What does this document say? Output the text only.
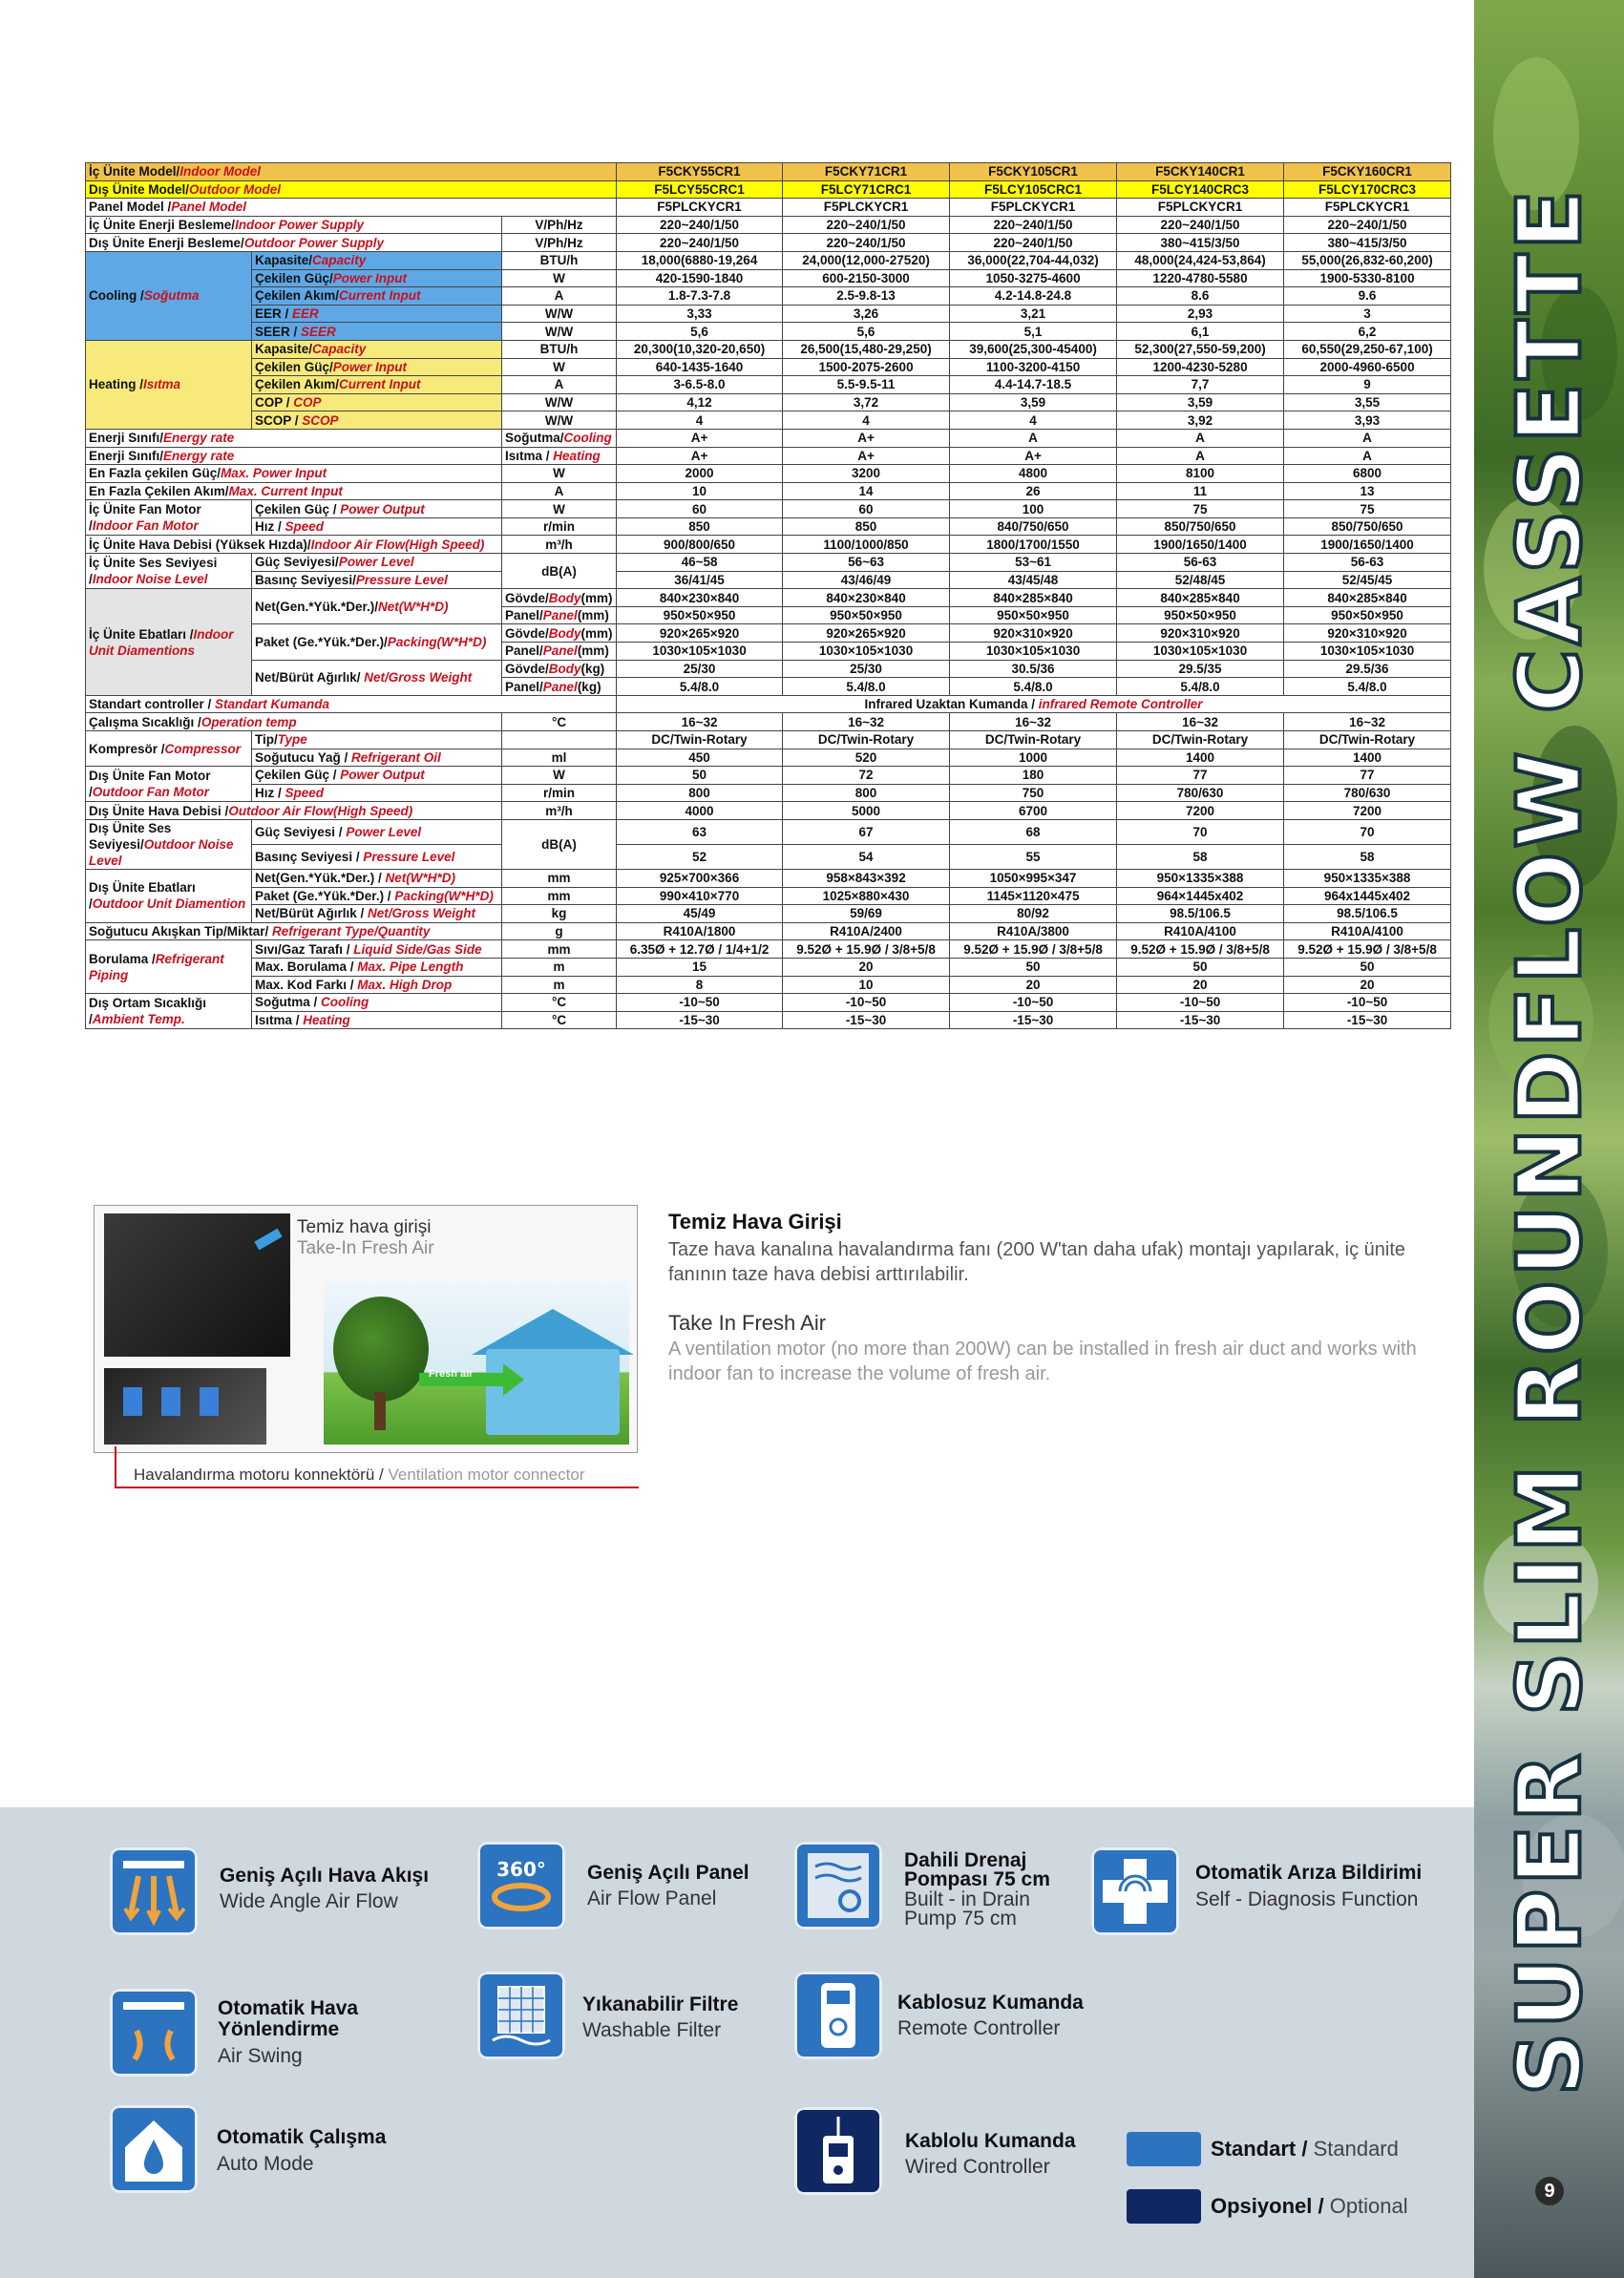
SUPER SLIM ROUNDFLOW CASSETTE
9
İç Ünite Model/Indoor Model			F5CKY55CR1	F5CKY71CR1	F5CKY105CR1	F5CKY140CR1	F5CKY160CR1
Dış Ünite Model/Outdoor Model			F5LCY55CRC1	F5LCY71CRC1	F5LCY105CRC1	F5LCY140CRC3	F5LCY170CRC3
Panel Model /Panel Model			F5PLCKYCR1	F5PLCKYCR1	F5PLCKYCR1	F5PLCKYCR1	F5PLCKYCR1
İç Ünite Enerji Besleme/Indoor Power Supply		V/Ph/Hz	220~240/1/50	220~240/1/50	220~240/1/50	220~240/1/50	220~240/1/50
Dış Ünite Enerji Besleme/Outdoor Power Supply		V/Ph/Hz	220~240/1/50	220~240/1/50	220~240/1/50	380~415/3/50	380~415/3/50
Cooling /Soğutma	Kapasite/Capacity	BTU/h	18,000(6880-19,264	24,000(12,000-27520)	36,000(22,704-44,032)	48,000(24,424-53,864)	55,000(26,832-60,200)
	Çekilen Güç/Power Input	W	420-1590-1840	600-2150-3000	1050-3275-4600	1220-4780-5580	1900-5330-8100
	Çekilen Akım/Current Input	A	1.8-7.3-7.8	2.5-9.8-13	4.2-14.8-24.8	8.6	9.6
	EER / EER	W/W	3,33	3,26	3,21	2,93	3
	SEER / SEER	W/W	5,6	5,6	5,1	6,1	6,2
Heating /Isıtma	Kapasite/Capacity	BTU/h	20,300(10,320-20,650)	26,500(15,480-29,250)	39,600(25,300-45400)	52,300(27,550-59,200)	60,550(29,250-67,100)
	Çekilen Güç/Power Input	W	640-1435-1640	1500-2075-2600	1100-3200-4150	1200-4230-5280	2000-4960-6500
	Çekilen Akım/Current Input	A	3-6.5-8.0	5.5-9.5-11	4.4-14.7-18.5	7,7	9
	COP / COP	W/W	4,12	3,72	3,59	3,59	3,55
	SCOP / SCOP	W/W	4	4	4	3,92	3,93
Enerji Sınıfı/Energy rate		Soğutma/Cooling	A+	A+	A	A	A
Enerji Sınıfı/Energy rate		Isıtma / Heating	A+	A+	A+	A	A
En Fazla çekilen Güç/Max. Power Input		W	2000	3200	4800	8100	6800
En Fazla Çekilen Akım/Max. Current Input		A	10	14	26	11	13
İç Ünite Fan Motor /Indoor Fan Motor	Çekilen Güç / Power Output	W	60	60	100	75	75
	Hız / Speed	r/min	850	850	840/750/650	850/750/650	850/750/650
İç Ünite Hava Debisi (Yüksek Hızda)/Indoor Air Flow(High Speed)		m³/h	900/800/650	1100/1000/850	1800/1700/1550	1900/1650/1400	1900/1650/1400
İç Ünite Ses Seviyesi /Indoor Noise Level	Güç Seviyesi/Power Level	dB(A)	46~58	56~63	53~61	56-63	56-63
	Basınç Seviyesi/Pressure Level		36/41/45	43/46/49	43/45/48	52/48/45	52/45/45
İç Ünite Ebatları /Indoor Unit Diamentions	Net(Gen.*Yük.*Der.)/Net(W*H*D)	Gövde/Body(mm)	840×230×840	840×230×840	840×285×840	840×285×840	840×285×840
		Panel/Panel(mm)	950×50×950	950×50×950	950×50×950	950×50×950	950×50×950
	Paket (Ge.*Yük.*Der.)/Packing(W*H*D)	Gövde/Body(mm)	920×265×920	920×265×920	920×310×920	920×310×920	920×310×920
		Panel/Panel(mm)	1030×105×1030	1030×105×1030	1030×105×1030	1030×105×1030	1030×105×1030
	Net/Bürüt Ağırlık/ Net/Gross Weight	Gövde/Body(kg)	25/30	25/30	30.5/36	29.5/35	29.5/36
		Panel/Panel(kg)	5.4/8.0	5.4/8.0	5.4/8.0	5.4/8.0	5.4/8.0
Standart controller / Standart Kumanda			Infrared Uzaktan Kumanda / infrared Remote Controller				
Çalışma Sıcaklığı /Operation temp		°C	16~32	16~32	16~32	16~32	16~32
Kompresör /Compressor	Tip/Type		DC/Twin-Rotary	DC/Twin-Rotary	DC/Twin-Rotary	DC/Twin-Rotary	DC/Twin-Rotary
	Soğutucu Yağ / Refrigerant Oil	ml	450	520	1000	1400	1400
Dış Ünite Fan Motor /Outdoor Fan Motor	Çekilen Güç / Power Output	W	50	72	180	77	77
	Hız / Speed	r/min	800	800	750	780/630	780/630
Dış Ünite Hava Debisi /Outdoor Air Flow(High Speed)		m³/h	4000	5000	6700	7200	7200
Dış Ünite Ses Seviyesi/Outdoor Noise Level	Güç Seviyesi / Power Level	dB(A)	63	67	68	70	70
	Basınç Seviyesi / Pressure Level		52	54	55	58	58
Dış Ünite Ebatları /Outdoor Unit Diamention	Net(Gen.*Yük.*Der.) / Net(W*H*D)	mm	925×700×366	958×843×392	1050×995×347	950×1335×388	950×1335×388
	Paket (Ge.*Yük.*Der.) / Packing(W*H*D)	mm	990×410×770	1025×880×430	1145×1120×475	964×1445x402	964x1445x402
	Net/Bürüt Ağırlık / Net/Gross Weight	kg	45/49	59/69	80/92	98.5/106.5	98.5/106.5
Soğutucu Akışkan Tip/Miktar/ Refrigerant Type/Quantity		g	R410A/1800	R410A/2400	R410A/3800	R410A/4100	R410A/4100
Borulama /Refrigerant Piping	Sıvı/Gaz Tarafı / Liquid Side/Gas Side	mm	6.35Ø + 12.7Ø / 1/4+1/2	9.52Ø + 15.9Ø / 3/8+5/8	9.52Ø + 15.9Ø / 3/8+5/8	9.52Ø + 15.9Ø / 3/8+5/8	9.52Ø + 15.9Ø / 3/8+5/8
	Max. Borulama / Max. Pipe Length	m	15	20	50	50	50
	Max. Kod Farkı / Max. High Drop	m	8	10	20	20	20
Dış Ortam Sıcaklığı /Ambient Temp.	Soğutma / Cooling	°C	-10~50	-10~50	-10~50	-10~50	-10~50
	Isıtma / Heating	°C	-15~30	-15~30	-15~30	-15~30	-15~30
Fresh air
Temiz hava girişi
Take-In Fresh Air
Havalandırma motoru konnektörü / Ventilation motor connector
Temiz Hava Girişi
Taze hava kanalına havalandırma fanı (200 W'tan daha ufak) montajı yapılarak, iç ünite fanının taze hava debisi arttırılabilir.
Take In Fresh Air
A ventilation motor (no more than 200W) can be installed in fresh air duct and works with indoor fan to increase the volume of fresh air.
Geniş Açılı Hava Akışı
Wide Angle Air Flow
360° Geniş Açılı Panel
Air Flow Panel
Dahili Drenaj Pompası 75 cm
Built - in Drain Pump 75 cm
Otomatik Arıza Bildirimi
Self - Diagnosis Function
Otomatik Hava Yönlendirme
Air Swing
Yıkanabilir Filtre
Washable Filter
Kablosuz Kumanda
Remote Controller
Otomatik Çalışma
Auto Mode
Kablolu Kumanda
Wired Controller
Standart / Standard
Opsiyonel / Optional
